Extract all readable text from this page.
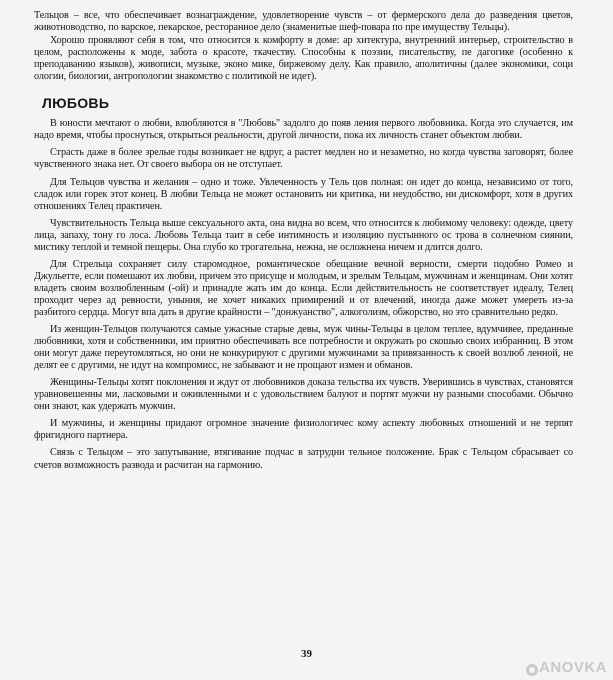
Тельцов – все, что обеспечивает вознаграждение, удовлетворение чувств – от фермерского дела до разведения цветов, животноводство, по варское, пекарское, ресторанное дело (знаменитые шеф-повара по пре имуществу Тельцы).

Хорошо проявляют себя в том, что относится к комфорту в доме: ар хитектура, внутренний интерьер, строительство в целом, расположены к моде, забота о красоте, ткачеству. Способны к поэзии, писательству, пе дагогике (особенно к преподаванию языков), живописи, музыке, эконо мике, биржевому делу. Как правило, аполитичны (далее экономики, соци ологии, биологии, антропологии знакомство с политикой не идет).

ЛЮБОВЬ

В юности мечтают о любви, влюбляются в "Любовь" задолго до появ ления первого любовника. Когда это случается, им надо время, чтобы проснуться, открыться реальности, другой личности, пока их личность станет объектом любви.

Страсть даже в более зрелые годы возникает не вдруг, а растет медлен но и незаметно, но когда чувства заговорят, более чувственного знака нет. От своего выбора он не отступает.

Для Тельцов чувства и желания – одно и тоже. Увлеченность у Тель цов полная: он идет до конца, независимо от того, сладок или горек этот конец. В любви Тельца не может остановить ни критика, ни неудобство, ни дискомфорт, хотя в других отношениях Телец практичен.

Чувствительность Тельца выше сексуального акта, она видна во всем, что относится к любимому человеку: одежде, цвету лица, запаху, тону го лоса. Любовь Тельца таит в себе интимность и изоляцию пустынного ос трова в солнечном сиянии, мистику теплой и темной пещеры. Она глубо ко трогательна, нежна, не осложнена ничем и длится долго.

Для Стрельца сохраняет силу старомодное, романтическое обещание вечной верности, смерти подобно Ромео и Джульетте, если помешают их любви, причем это присуще и молодым, и зрелым Тельцам, мужчинам и женщинам. Они хотят владеть своим возлюбленным (-ой) и принадле жать им до конца. Если действительность не соответствует идеалу, Телец проходит через ад ревности, уныния, не хочет никаких примирений и от влечений, иногда даже может умереть из-за разбитого сердца. Могут впа дать в другие крайности – "донжуанство", алкоголизм, обжорство, но это сравнительно редко.

Из женщин-Тельцов получаются самые ужасные старые девы, муж чины-Тельцы в целом теплее, вдумчивее, преданные любовники, хотя и собственники, им приятно обеспечивать все потребности и окружать ро скошью своих избранниц. В этом они могут даже переутомляться, но они не конкурируют с другими мужчинами за привязанность к своей возлюб ленной, не делят ее с другими, не идут на компромисс, не забывают и не прощают измен и обманов.

Женщины-Тельцы хотят поклонения и ждут от любовников доказа тельства их чувств. Уверившись в чувствах, становятся уравновешенны ми, ласковыми и оживленными и с удовольствием балуют и портят мужчи ну разными способами. Обычно они знают, как удержать мужчин.

И мужчины, и женщины придают огромное значение физиологичес кому аспекту любовных отношений и не терпят фригидного партнера.

Связь с Тельцом – это запутывание, втягивание подчас в затрудни тельное положение. Брак с Тельцом сбрасывает со счетов возможность развода и расчитан на гармонию.

39
ANOVKA
